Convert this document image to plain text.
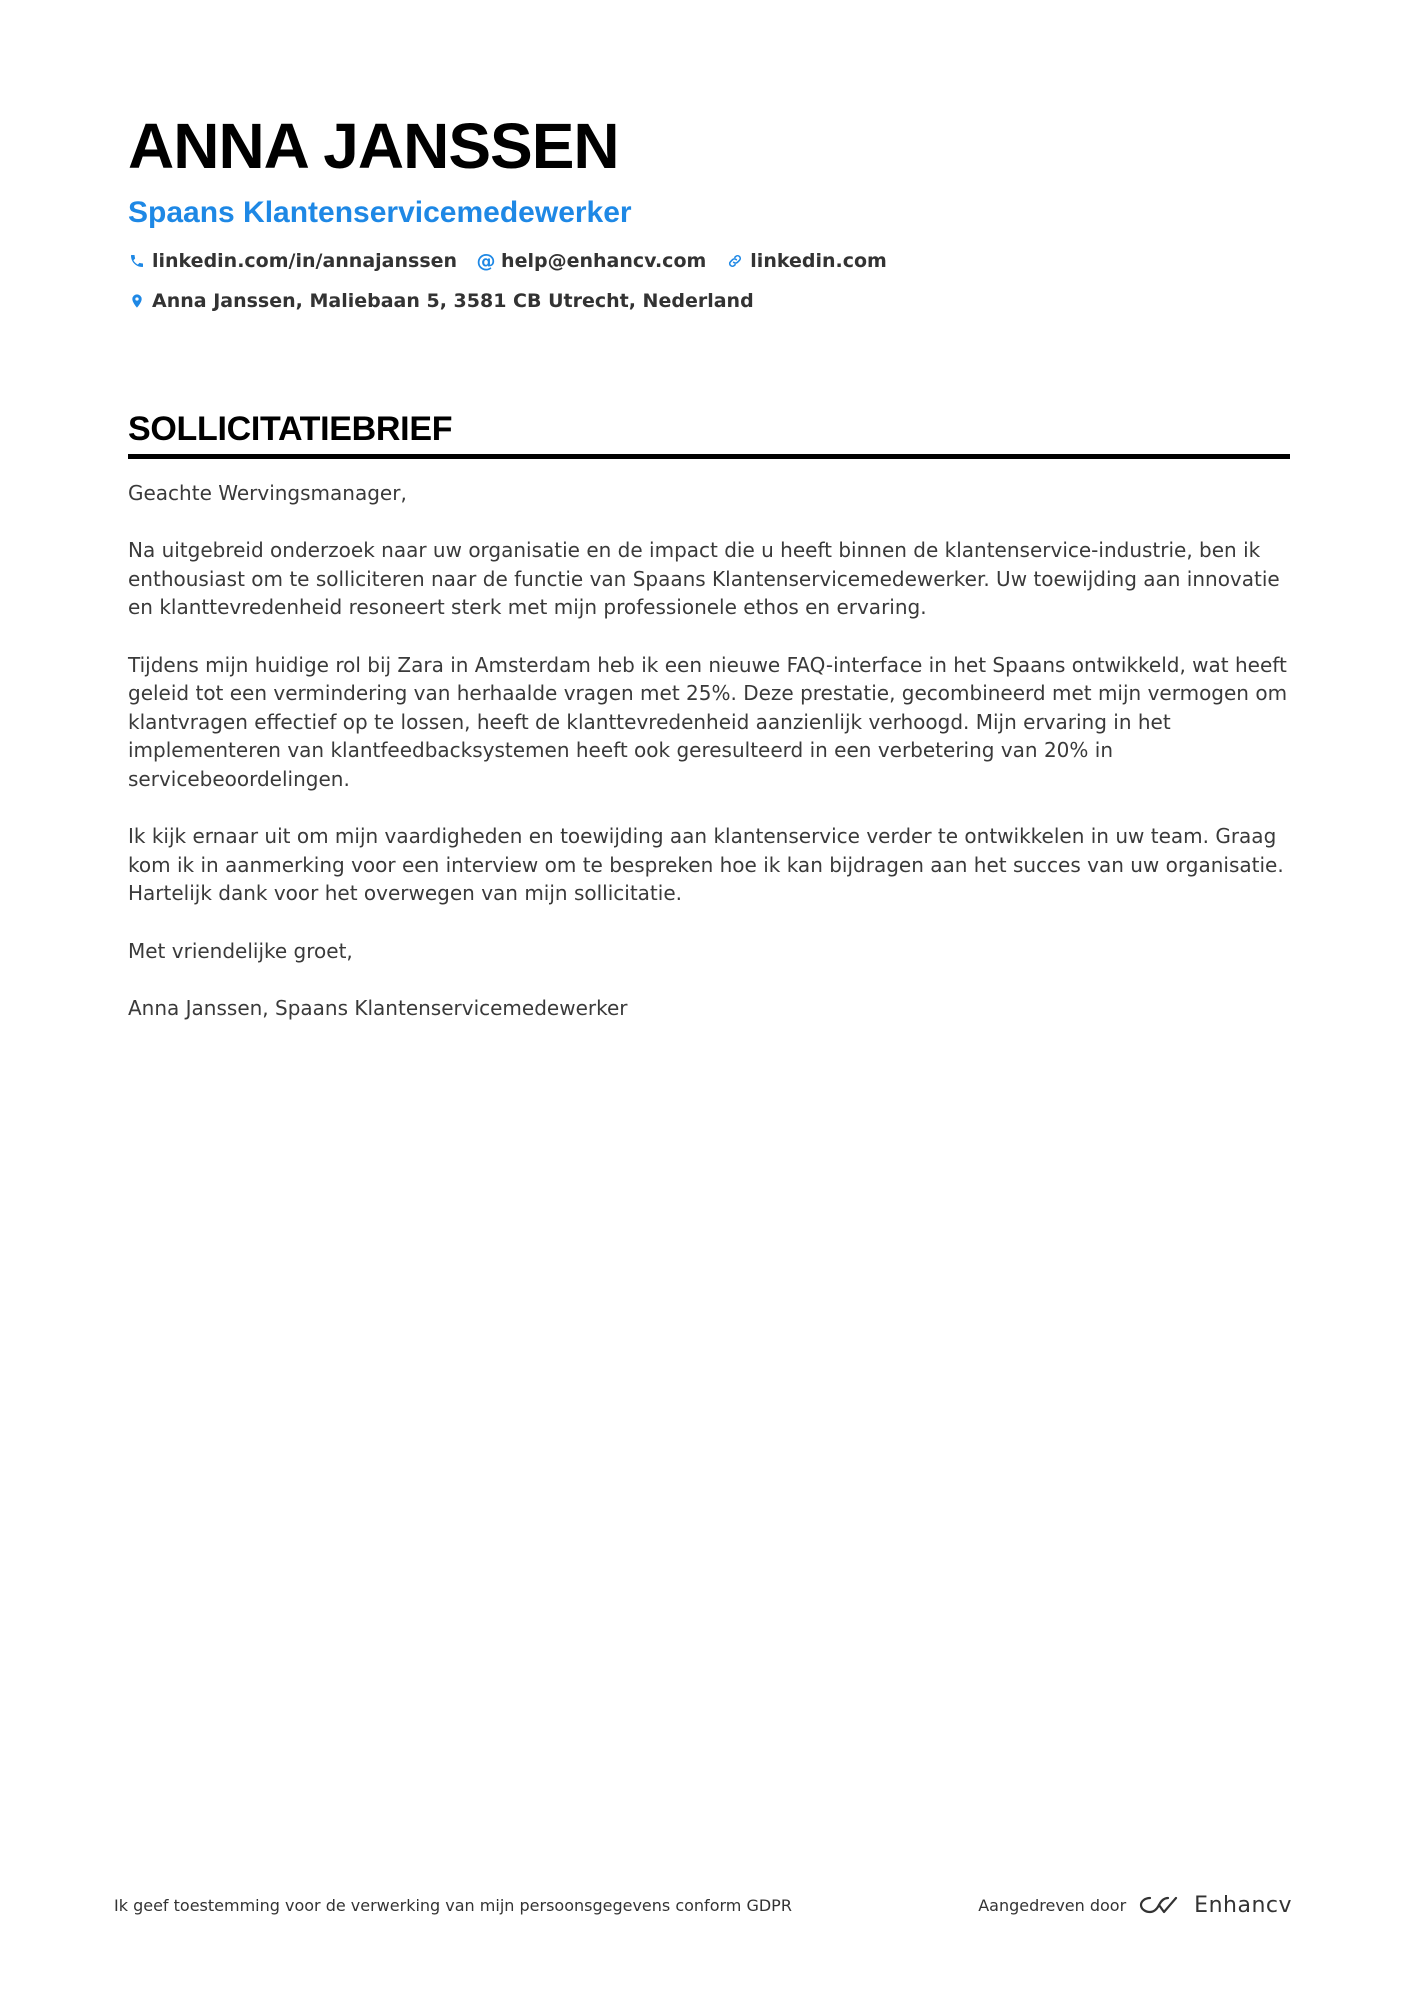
ANNA JANSSEN
Spaans Klantenservicemedewerker
linkedin.com/in/annajanssen @ help@enhancv.com linkedin.com
Anna Janssen, Maliebaan 5, 3581 CB Utrecht, Nederland
SOLLICITATIEBRIEF

Geachte Wervingsmanager,

Na uitgebreid onderzoek naar uw organisatie en de impact die u heeft binnen de klantenservice-industrie, ben ik enthousiast om te solliciteren naar de functie van Spaans Klantenservicemedewerker. Uw toewijding aan innovatie en klanttevredenheid resoneert sterk met mijn professionele ethos en ervaring.

Tijdens mijn huidige rol bij Zara in Amsterdam heb ik een nieuwe FAQ-interface in het Spaans ontwikkeld, wat heeft geleid tot een vermindering van herhaalde vragen met 25%. Deze prestatie, gecombineerd met mijn vermogen om klantvragen effectief op te lossen, heeft de klanttevredenheid aanzienlijk verhoogd. Mijn ervaring in het implementeren van klantfeedbacksystemen heeft ook geresulteerd in een verbetering van 20% in servicebeoordelingen.

Ik kijk ernaar uit om mijn vaardigheden en toewijding aan klantenservice verder te ontwikkelen in uw team. Graag kom ik in aanmerking voor een interview om te bespreken hoe ik kan bijdragen aan het succes van uw organisatie. Hartelijk dank voor het overwegen van mijn sollicitatie.

Met vriendelijke groet,

Anna Janssen, Spaans Klantenservicemedewerker

Ik geef toestemming voor de verwerking van mijn persoonsgegevens conform GDPR	Aangedreven door	Enhancv
